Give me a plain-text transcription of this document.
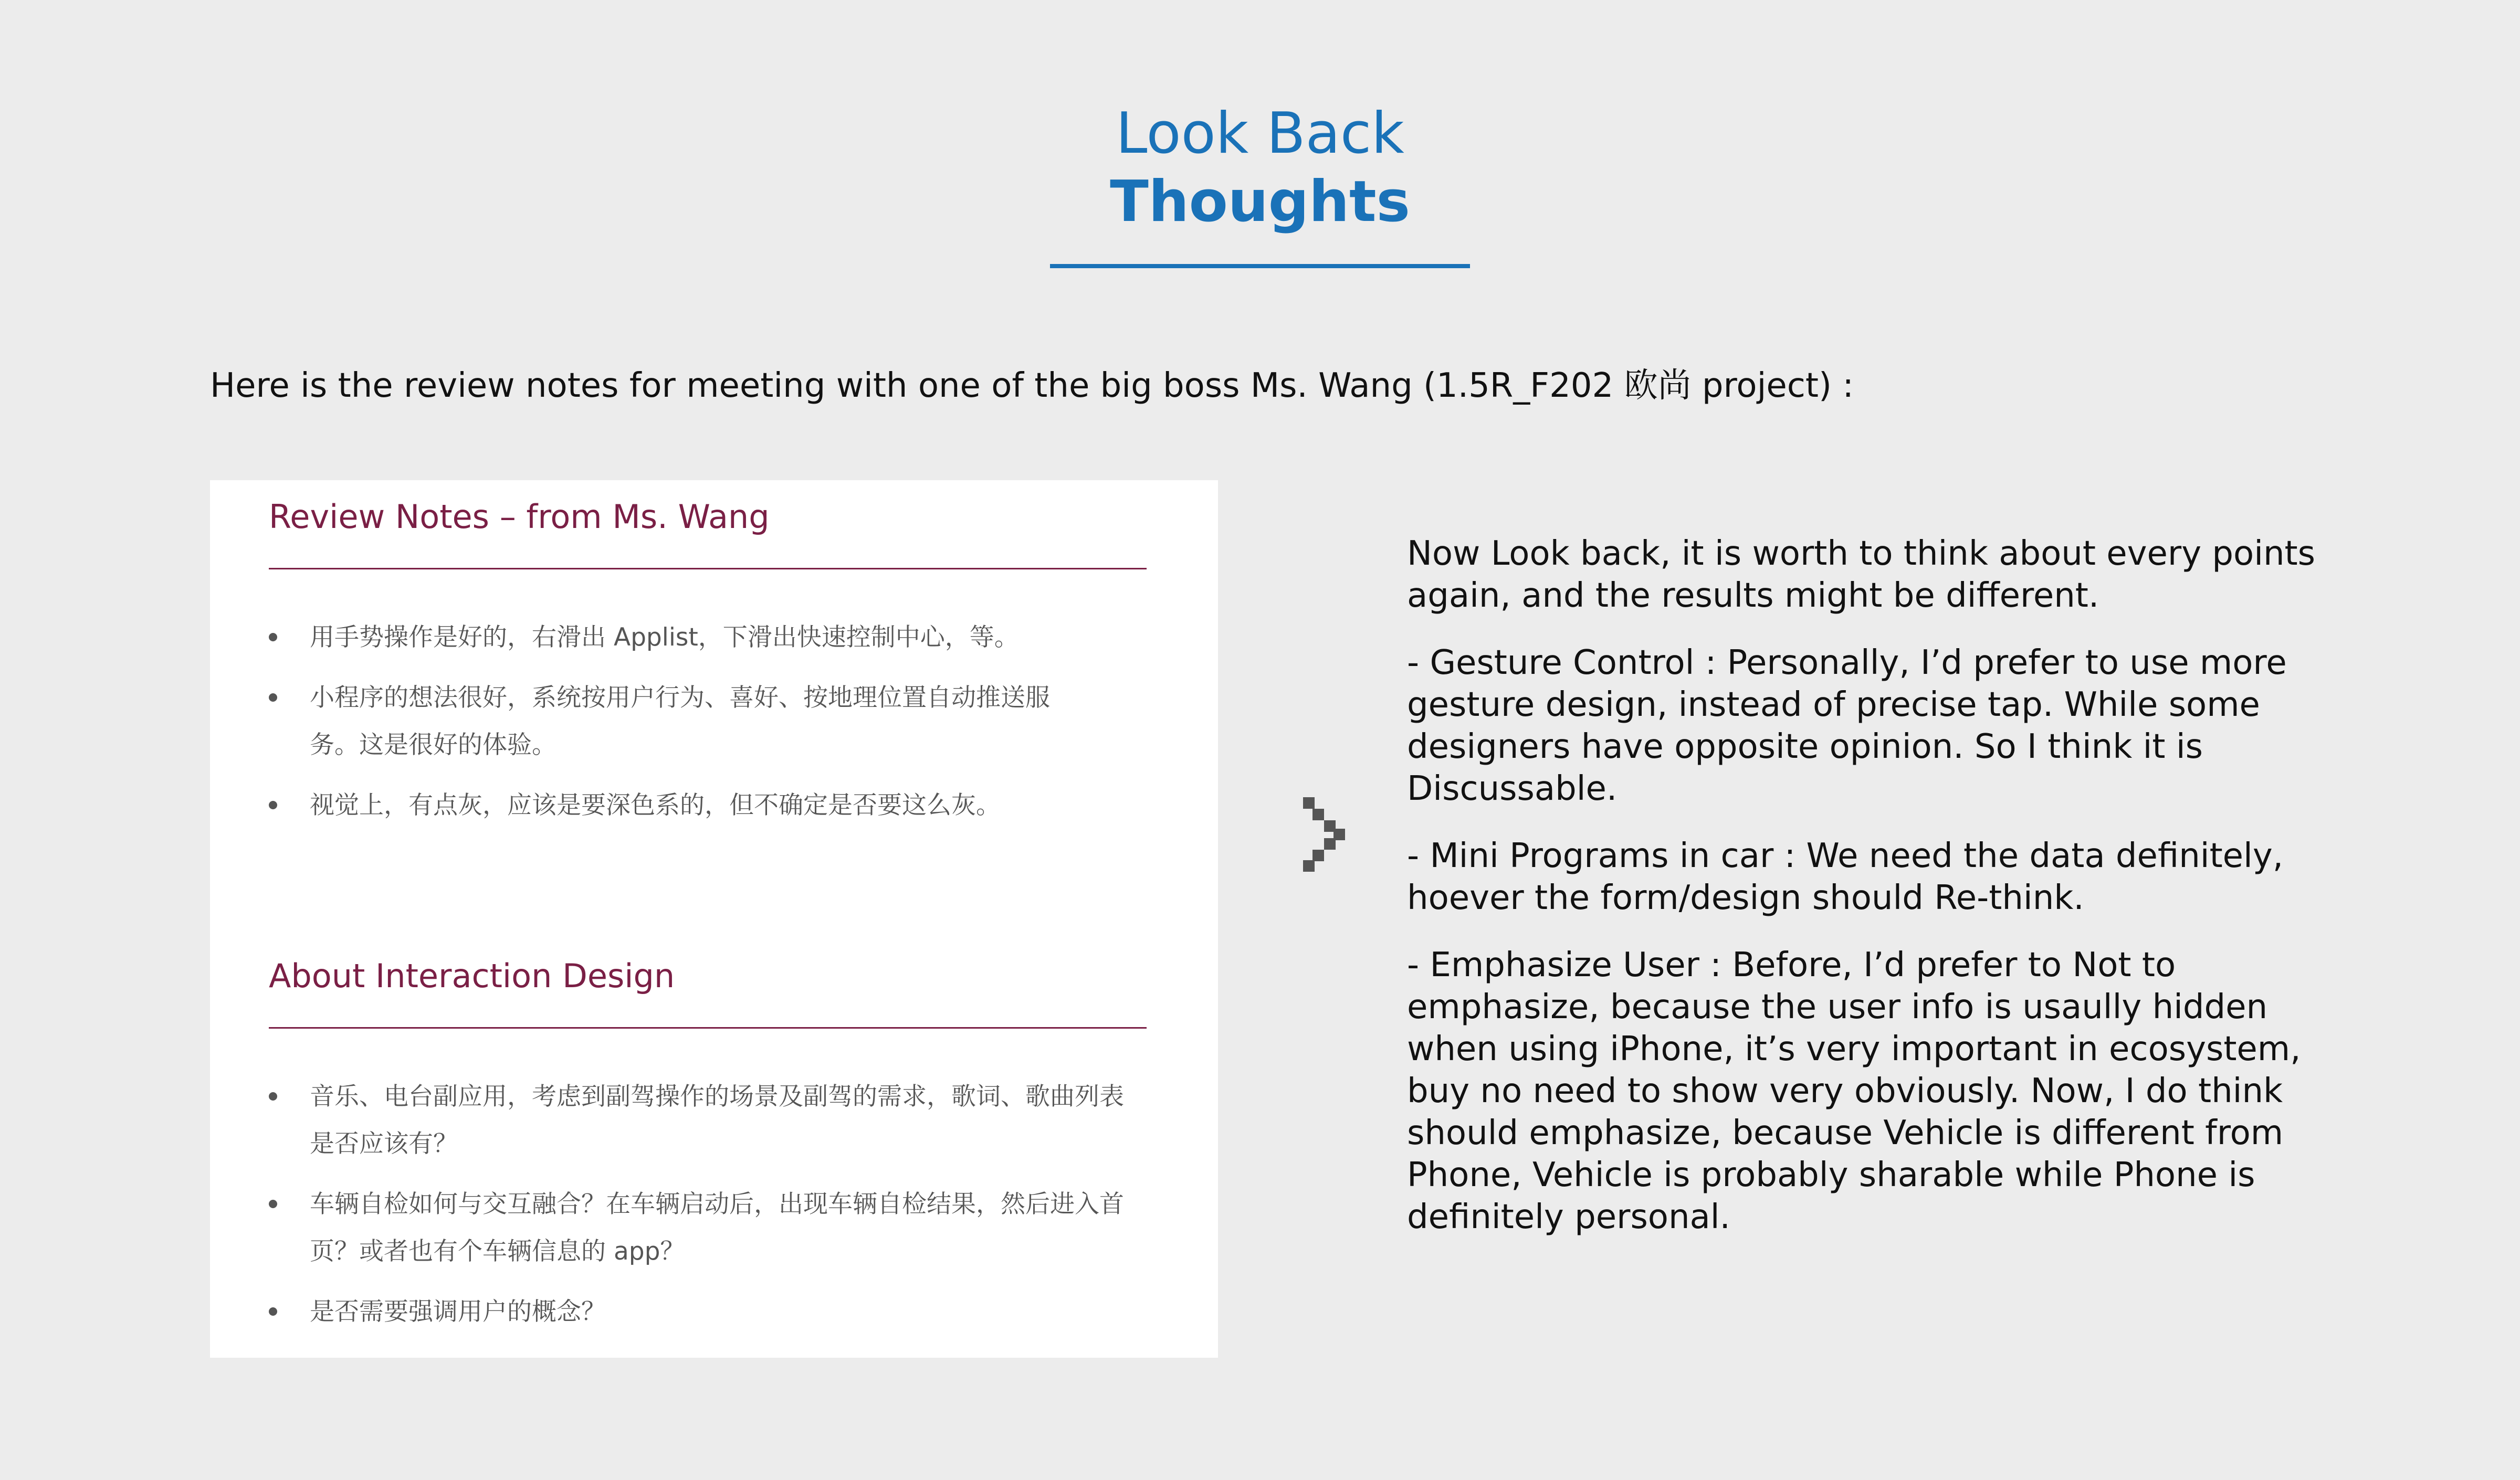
Look Back
Thoughts
Here is the review notes for meeting with one of the big boss Ms. Wang (1.5R_F202 欧尚 project) :
Review Notes – from Ms. Wang
用手势操作是好的，右滑出 Applist，下滑出快速控制中心，等。
小程序的想法很好，系统按用户行为、喜好、按地理位置自动推送服务。这是很好的体验。
视觉上，有点灰，应该是要深色系的，但不确定是否要这么灰。
About Interaction Design
音乐、电台副应用，考虑到副驾操作的场景及副驾的需求，歌词、歌曲列表是否应该有？
车辆自检如何与交互融合？在车辆启动后，出现车辆自检结果，然后进入首页？或者也有个车辆信息的 app？
是否需要强调用户的概念？

Now Look back, it is worth to think about every points again, and the results might be different.

- Gesture Control : Personally, I’d prefer to use more gesture design, instead of precise tap. While some designers have opposite opinion. So I think it is Discussable.

- Mini Programs in car : We need the data definitely, hoever the form/design should Re-think.

- Emphasize User : Before, I’d prefer to Not to emphasize, because the user info is usaully hidden when using iPhone, it’s very important in ecosystem, buy no need to show very obviously. Now, I do think should emphasize, because Vehicle is different from Phone, Vehicle is probably sharable while Phone is definitely personal.
